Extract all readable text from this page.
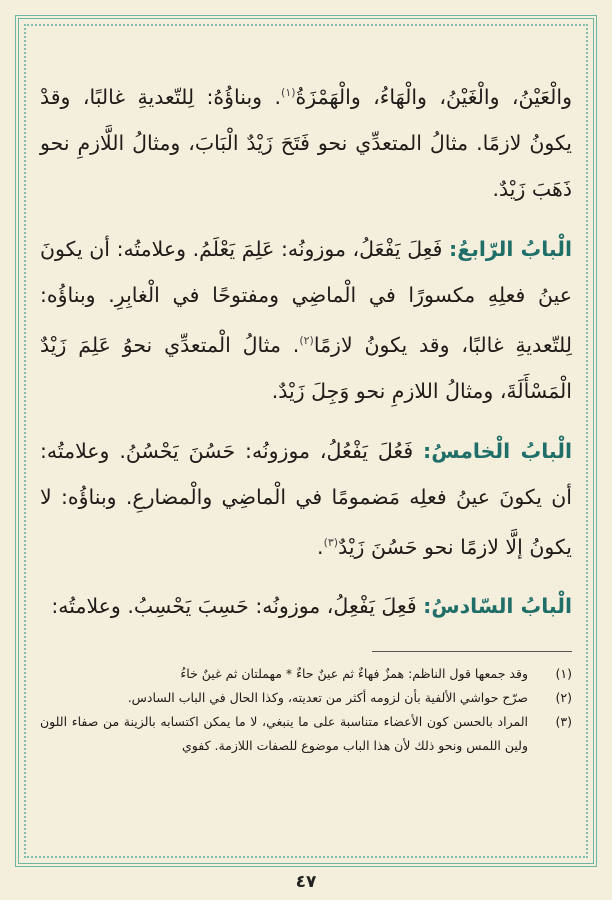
والْعَيْنُ، والْغَيْنُ، والْهَاءُ، والْهَمْزَةُ$^{(١)}$. وبناؤُهُ: لِلتّعديةِ غالبًا، وقدْ يكونُ لازمًا. مثالُ المتعدِّي نحو فَتَحَ زَيْدٌ الْبَابَ، ومثالُ اللَّازمِ نحو ذَهَبَ زَيْدٌ.

الْبابُ الرّابعُ: فَعِلَ يَفْعَلُ، موزونُه: عَلِمَ يَعْلَمُ. وعلامتُه: أن يكونَ عينُ فعلِهِ مكسورًا في الْماضِي ومفتوحًا في الْغابِرِ. وبناؤُه: لِلتّعديةِ غالبًا، وقد يكونُ لازمًا$^{(٢)}$. مثالُ الْمتعدِّي نحوُ عَلِمَ زَيْدٌ الْمَسْأَلَةَ، ومثالُ اللازمِ نحو وَجِلَ زَيْدٌ.

الْبابُ الْخامسُ: فَعُلَ يَفْعُلُ، موزونُه: حَسُنَ يَحْسُنُ. وعلامتُه: أن يكونَ عينُ فعلِه مَضمومًا في الْماضِي والْمضارعِ. وبناؤُه: لا يكونُ إلَّا لازمًا نحو حَسُنَ زَيْدٌ$^{(٣)}$.

الْبابُ السّادسُ: فَعِلَ يَفْعِلُ، موزونُه: حَسِبَ يَحْسِبُ. وعلامتُه:

(١)
وقد جمعها قول الناظم: همزٌ فهاءٌ ثم عينٌ حاءٌ * مهملتان ثم غينٌ خاءُ
(٢)
صرّح حواشي الألفية بأن لزومه أكثر من تعديته، وكذا الحال في الباب السادس.
(٣)
المراد بالحسن كون الأعضاء متناسبة على ما ينبغي، لا ما يمكن اكتسابه بالزينة من صفاء اللون ولين اللمس ونحو ذلك لأن هذا الباب موضوع للصفات اللازمة. كفوي
٤٧
